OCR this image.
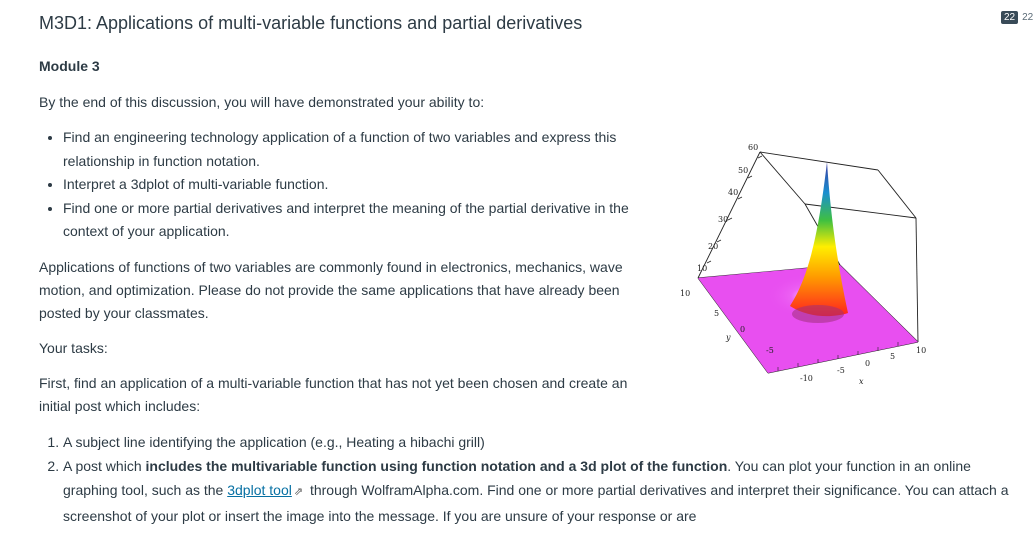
M3D1: Applications of multi-variable functions and partial derivatives	22 22
Module 3
By the end of this discussion, you will have demonstrated your ability to:
• Find an engineering technology application of a function of two variables and express this relationship in function notation.
• Interpret a 3dplot of multi-variable function.
• Find one or more partial derivatives and interpret the meaning of the partial derivative in the context of your application.
Applications of functions of two variables are commonly found in electronics, mechanics, wave motion, and optimization. Please do not provide the same applications that have already been posted by your classmates.
Your tasks:
First, find an application of a multi-variable function that has not yet been chosen and create an initial post which includes:
1. A subject line identifying the application (e.g., Heating a hibachi grill)
2. A post which includes the multivariable function using function notation and a 3d plot of the function. You can plot your function in an online graphing tool, such as the 3dplot tool ⇗ through WolframAlpha.com. Find one or more partial derivatives and interpret their significance. You can attach a screenshot of your plot or insert the image into the message. If you are unsure of your response or are
60
50
40
30
20
10
10
5
0
-5
y
-10
-5
0
5
10
x
